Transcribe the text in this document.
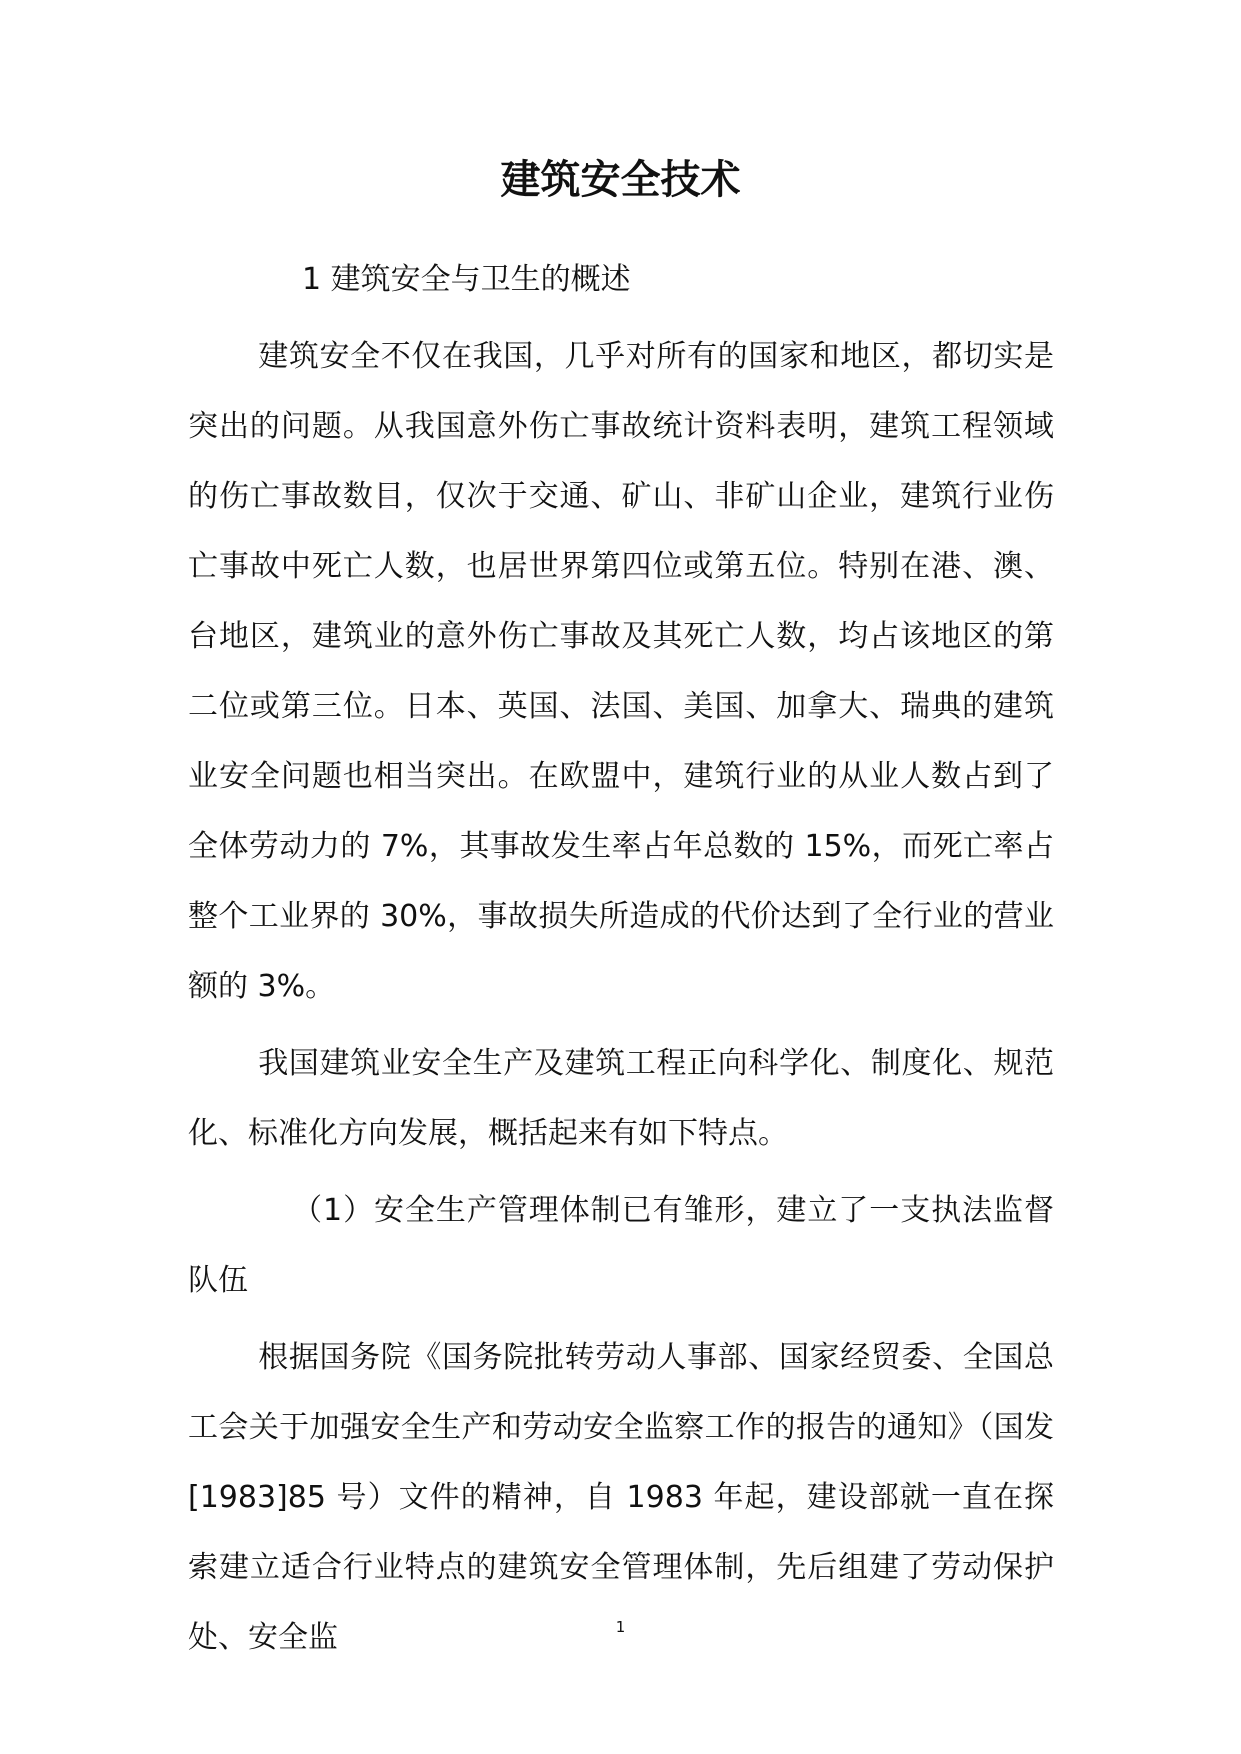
建筑安全技术

1 建筑安全与卫生的概述

建筑安全不仅在我国，几乎对所有的国家和地区，都切实是突出的问题。从我国意外伤亡事故统计资料表明，建筑工程领域的伤亡事故数目，仅次于交通、矿山、非矿山企业，建筑行业伤亡事故中死亡人数，也居世界第四位或第五位。特别在港、澳、台地区，建筑业的意外伤亡事故及其死亡人数，均占该地区的第二位或第三位。日本、英国、法国、美国、加拿大、瑞典的建筑业安全问题也相当突出。在欧盟中，建筑行业的从业人数占到了全体劳动力的 7%，其事故发生率占年总数的 15%，而死亡率占整个工业界的 30%，事故损失所造成的代价达到了全行业的营业额的 3%。

我国建筑业安全生产及建筑工程正向科学化、制度化、规范化、标准化方向发展，概括起来有如下特点。

（1）安全生产管理体制已有雏形，建立了一支执法监督队伍

根据国务院《国务院批转劳动人事部、国家经贸委、全国总工会关于加强安全生产和劳动安全监察工作的报告的通知》（国发[1983]85 号）文件的精神，自 1983 年起，建设部就一直在探索建立适合行业特点的建筑安全管理体制，先后组建了劳动保护处、安全监	1
